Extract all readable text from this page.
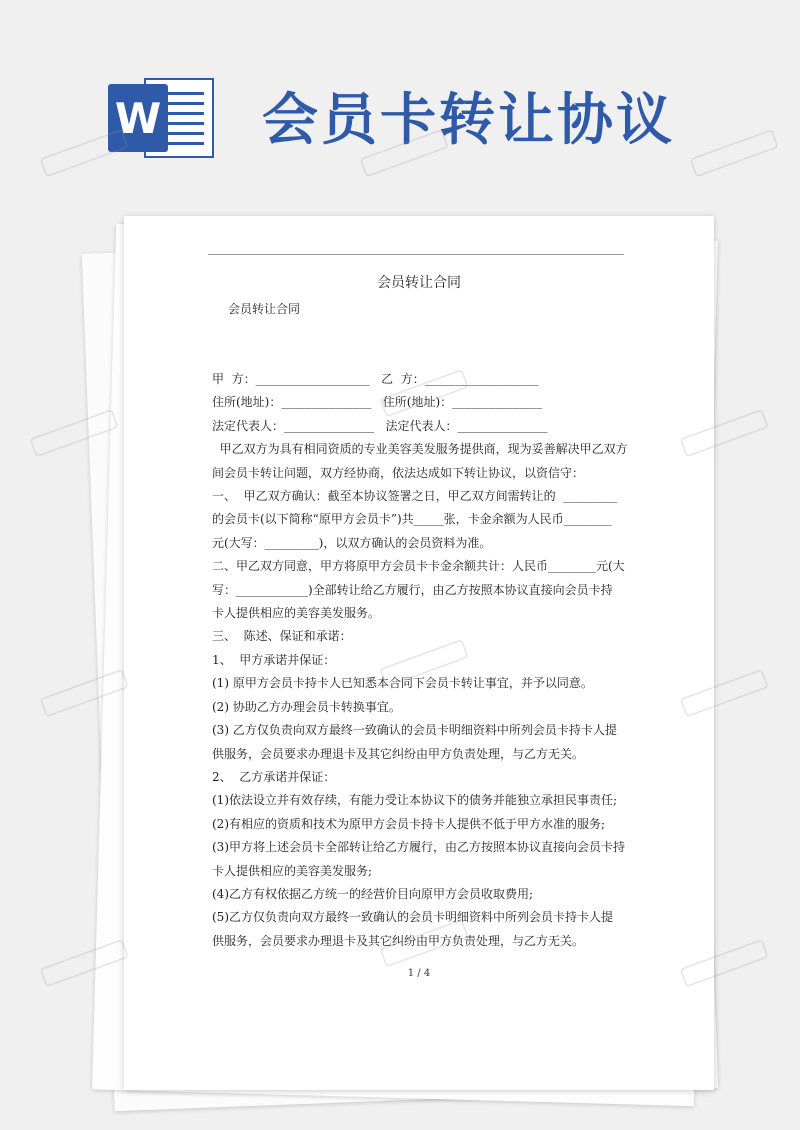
W 会员卡转让协议
会员转让合同
会员转让合同
甲  方：___________________   乙  方：___________________
住所(地址)：_______________   住所(地址)：_______________
法定代表人：_______________   法定代表人：_______________
甲乙双方为具有相同资质的专业美容美发服务提供商，现为妥善解决甲乙双方
间会员卡转让问题，双方经协商，依法达成如下转让协议，以资信守：
一、  甲乙双方确认：截至本协议签署之日，甲乙双方间需转让的  _________
的会员卡(以下简称“原甲方会员卡”)共_____张，卡金余额为人民币________
元(大写：_________)，以双方确认的会员资料为准。
二、甲乙双方同意，甲方将原甲方会员卡卡金余额共计：人民币________元(大
写：____________)全部转让给乙方履行，由乙方按照本协议直接向会员卡持
卡人提供相应的美容美发服务。
三、  陈述、保证和承诺：
1、  甲方承诺并保证：
(1) 原甲方会员卡持卡人已知悉本合同下会员卡转让事宜，并予以同意。
(2) 协助乙方办理会员卡转换事宜。
(3) 乙方仅负责向双方最终一致确认的会员卡明细资料中所列会员卡持卡人提
供服务，会员要求办理退卡及其它纠纷由甲方负责处理，与乙方无关。
2、  乙方承诺并保证：
(1)依法设立并有效存续，有能力受让本协议下的债务并能独立承担民事责任;
(2)有相应的资质和技术为原甲方会员卡持卡人提供不低于甲方水准的服务;
(3)甲方将上述会员卡全部转让给乙方履行，由乙方按照本协议直接向会员卡持
卡人提供相应的美容美发服务;
(4)乙方有权依据乙方统一的经营价目向原甲方会员收取费用;
(5)乙方仅负责向双方最终一致确认的会员卡明细资料中所列会员卡持卡人提
供服务，会员要求办理退卡及其它纠纷由甲方负责处理，与乙方无关。
1 / 4
